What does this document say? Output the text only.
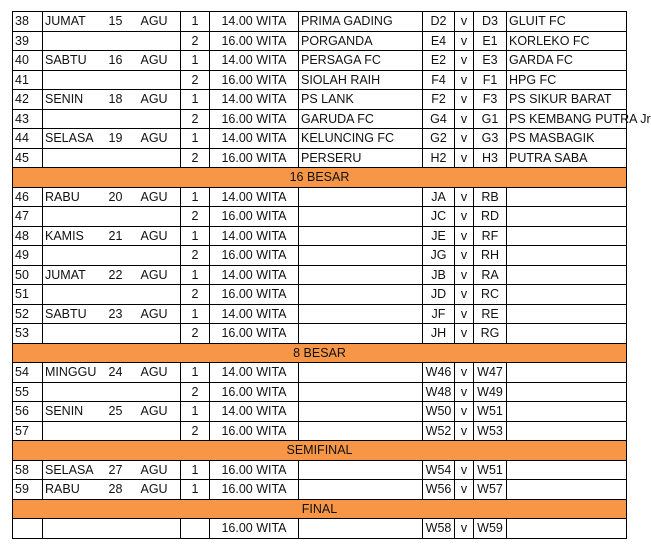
38	JUMAT	15	AGU	1	14.00 WITA	PRIMA GADING	D2	v	D3	GLUIT FC
39				2	16.00 WITA	PORGANDA	E4	v	E1	KORLEKO FC
40	SABTU	16	AGU	1	14.00 WITA	PERSAGA FC	E2	v	E3	GARDA FC
41				2	16.00 WITA	SIOLAH RAIH	F4	v	F1	HPG FC
42	SENIN	18	AGU	1	14.00 WITA	PS LANK	F2	v	F3	PS SIKUR BARAT
43				2	16.00 WITA	GARUDA FC	G4	v	G1	PS KEMBANG PUTRA Jr
44	SELASA	19	AGU	1	14.00 WITA	KELUNCING FC	G2	v	G3	PS MASBAGIK
45				2	16.00 WITA	PERSERU	H2	v	H3	PUTRA SABA
16 BESAR										
46	RABU	20	AGU	1	14.00 WITA		JA	v	RB	
47				2	16.00 WITA		JC	v	RD	
48	KAMIS	21	AGU	1	14.00 WITA		JE	v	RF	
49				2	16.00 WITA		JG	v	RH	
50	JUMAT	22	AGU	1	14.00 WITA		JB	v	RA	
51				2	16.00 WITA		JD	v	RC	
52	SABTU	23	AGU	1	14.00 WITA		JF	v	RE	
53				2	16.00 WITA		JH	v	RG	
8 BESAR										
54	MINGGU	24	AGU	1	14.00 WITA		W46	v	W47	
55				2	16.00 WITA		W48	v	W49	
56	SENIN	25	AGU	1	14.00 WITA		W50	v	W51	
57				2	16.00 WITA		W52	v	W53	
SEMIFINAL										
58	SELASA	27	AGU	1	16.00 WITA		W54	v	W51	
59	RABU	28	AGU	1	16.00 WITA		W56	v	W57	
FINAL										
					16.00 WITA		W58	v	W59	
